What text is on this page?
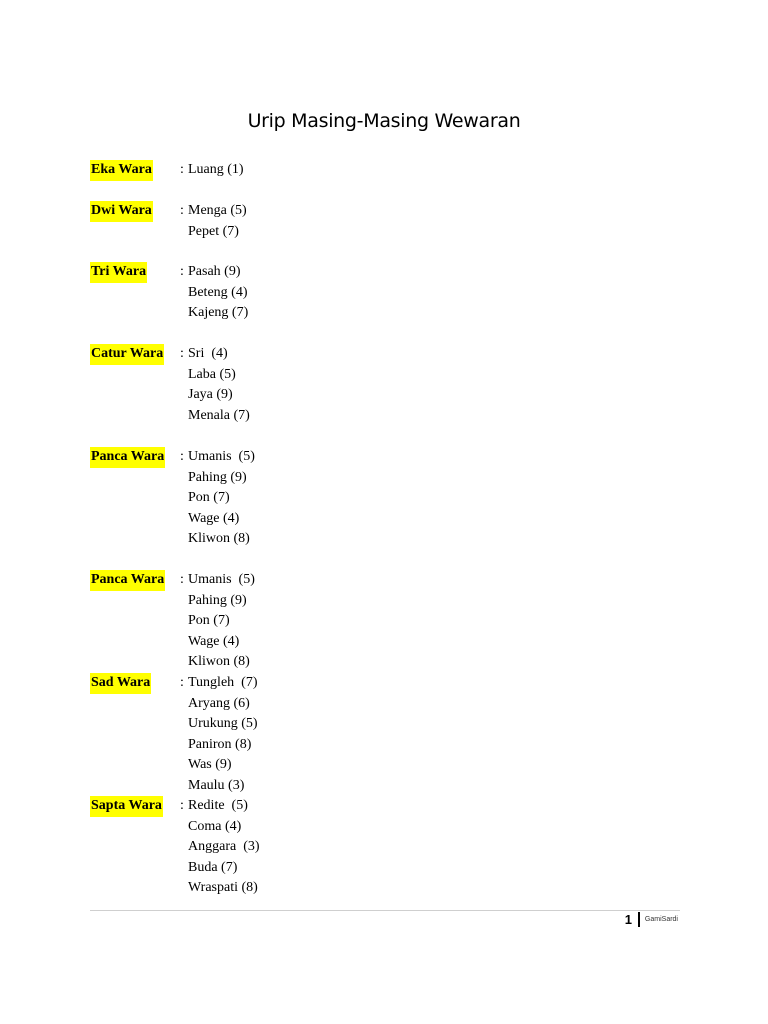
Urip Masing-Masing Wewaran
Eka Wara : Luang (1)
Dwi Wara : Menga (5)
Pepet (7)
Tri Wara : Pasah (9)
Beteng (4)
Kajeng (7)
Catur Wara : Sri  (4)
Laba (5)
Jaya (9)
Menala (7)
Panca Wara : Umanis  (5)
Pahing (9)
Pon (7)
Wage (4)
Kliwon (8)
Panca Wara : Umanis  (5)
Pahing (9)
Pon (7)
Wage (4)
Kliwon (8)
Sad Wara : Tungleh  (7)
Aryang (6)
Urukung (5)
Paniron (8)
Was (9)
Maulu (3)
Sapta Wara : Redite  (5)
Coma (4)
Anggara  (3)
Buda (7)
Wraspati (8)
1 GamiSardi
